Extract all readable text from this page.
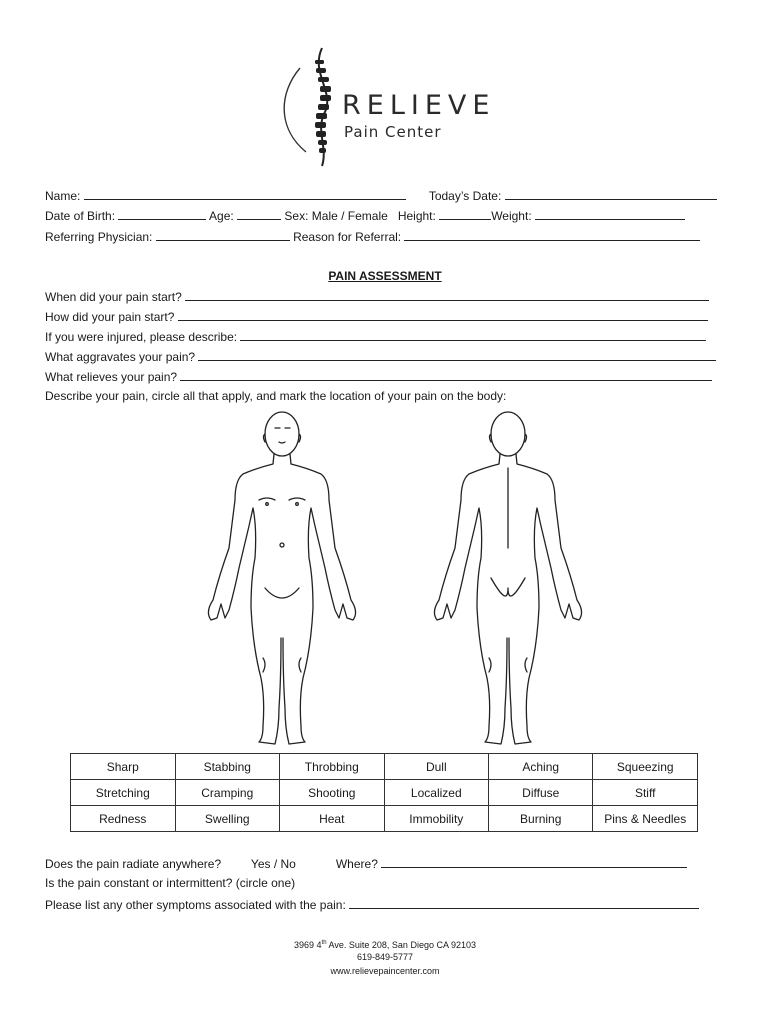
RELIEVE
Pain Center
Name:	Today’s Date:
Date of Birth:	Age:	Sex: Male / Female Height:	Weight:
Referring Physician:	Reason for Referral:
PAIN ASSESSMENT
When did your pain start?
How did your pain start?
If you were injured, please describe:
What aggravates your pain?
What relieves your pain?
Describe your pain, circle all that apply, and mark the location of your pain on the body:
Sharp	Stabbing	Throbbing	Dull	Aching	Squeezing
Stretching	Cramping	Shooting	Localized	Diffuse	Stiff
Redness	Swelling	Heat	Immobility	Burning	Pins & Needles
Does the pain radiate anywhere? Yes / No	Where?
Is the pain constant or intermittent? (circle one)
Please list any other symptoms associated with the pain:
3969 4th Ave. Suite 208, San Diego CA 92103
619-849-5777
www.relievepaincenter.com
